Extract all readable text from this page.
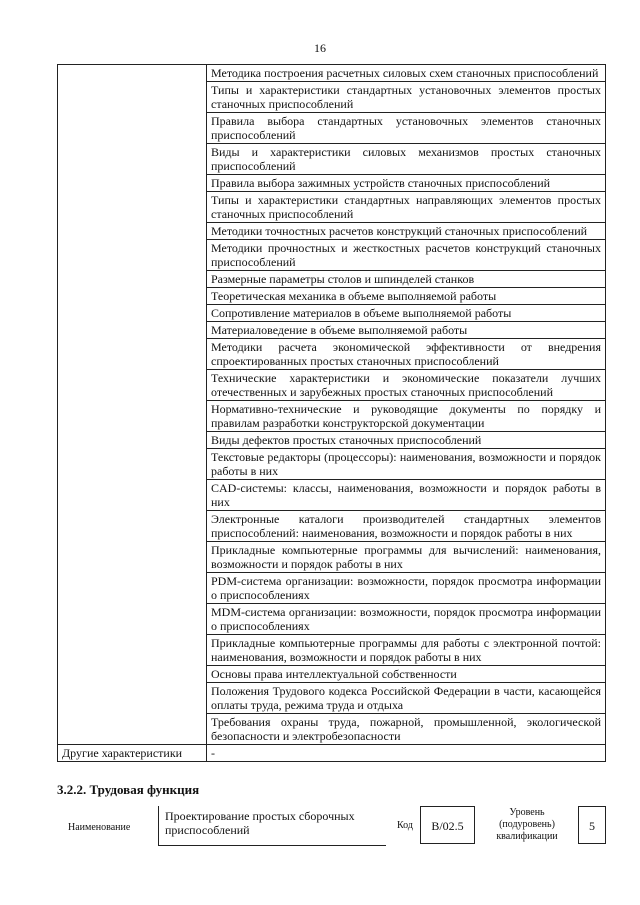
16
	Методика построения расчетных силовых схем станочных приспособлений
	Типы и характеристики стандартных установочных элементов простых станочных приспособлений
	Правила выбора стандартных установочных элементов станочных приспособлений
	Виды и характеристики силовых механизмов простых станочных приспособлений
	Правила выбора зажимных устройств станочных приспособлений
	Типы и характеристики стандартных направляющих элементов простых станочных приспособлений
	Методики точностных расчетов конструкций станочных приспособлений
	Методики прочностных и жесткостных расчетов конструкций станочных приспособлений
	Размерные параметры столов и шпинделей станков
	Теоретическая механика в объеме выполняемой работы
	Сопротивление материалов в объеме выполняемой работы
	Материаловедение в объеме выполняемой работы
	Методики расчета экономической эффективности от внедрения спроектированных простых станочных приспособлений
	Технические характеристики и экономические показатели лучших отечественных и зарубежных простых станочных приспособлений
	Нормативно-технические и руководящие документы по порядку и правилам разработки конструкторской документации
	Виды дефектов простых станочных приспособлений
	Текстовые редакторы (процессоры): наименования, возможности и порядок работы в них
	CAD-системы: классы, наименования, возможности и порядок работы в них
	Электронные каталоги производителей стандартных элементов приспособлений: наименования, возможности и порядок работы в них
	Прикладные компьютерные программы для вычислений: наименования, возможности и порядок работы в них
	PDM-система организации: возможности, порядок просмотра информации о приспособлениях
	MDM-система организации: возможности, порядок просмотра информации о приспособлениях
	Прикладные компьютерные программы для работы с электронной почтой: наименования, возможности и порядок работы в них
	Основы права интеллектуальной собственности
	Положения Трудового кодекса Российской Федерации в части, касающейся оплаты труда, режима труда и отдыха
	Требования охраны труда, пожарной, промышленной, экологической безопасности и электробезопасности
Другие характеристики	-
3.2.2. Трудовая функция
Наименование
Проектирование простых сборочных приспособлений	Код	B/02.5
Уровень (подуровень) квалификации
5
